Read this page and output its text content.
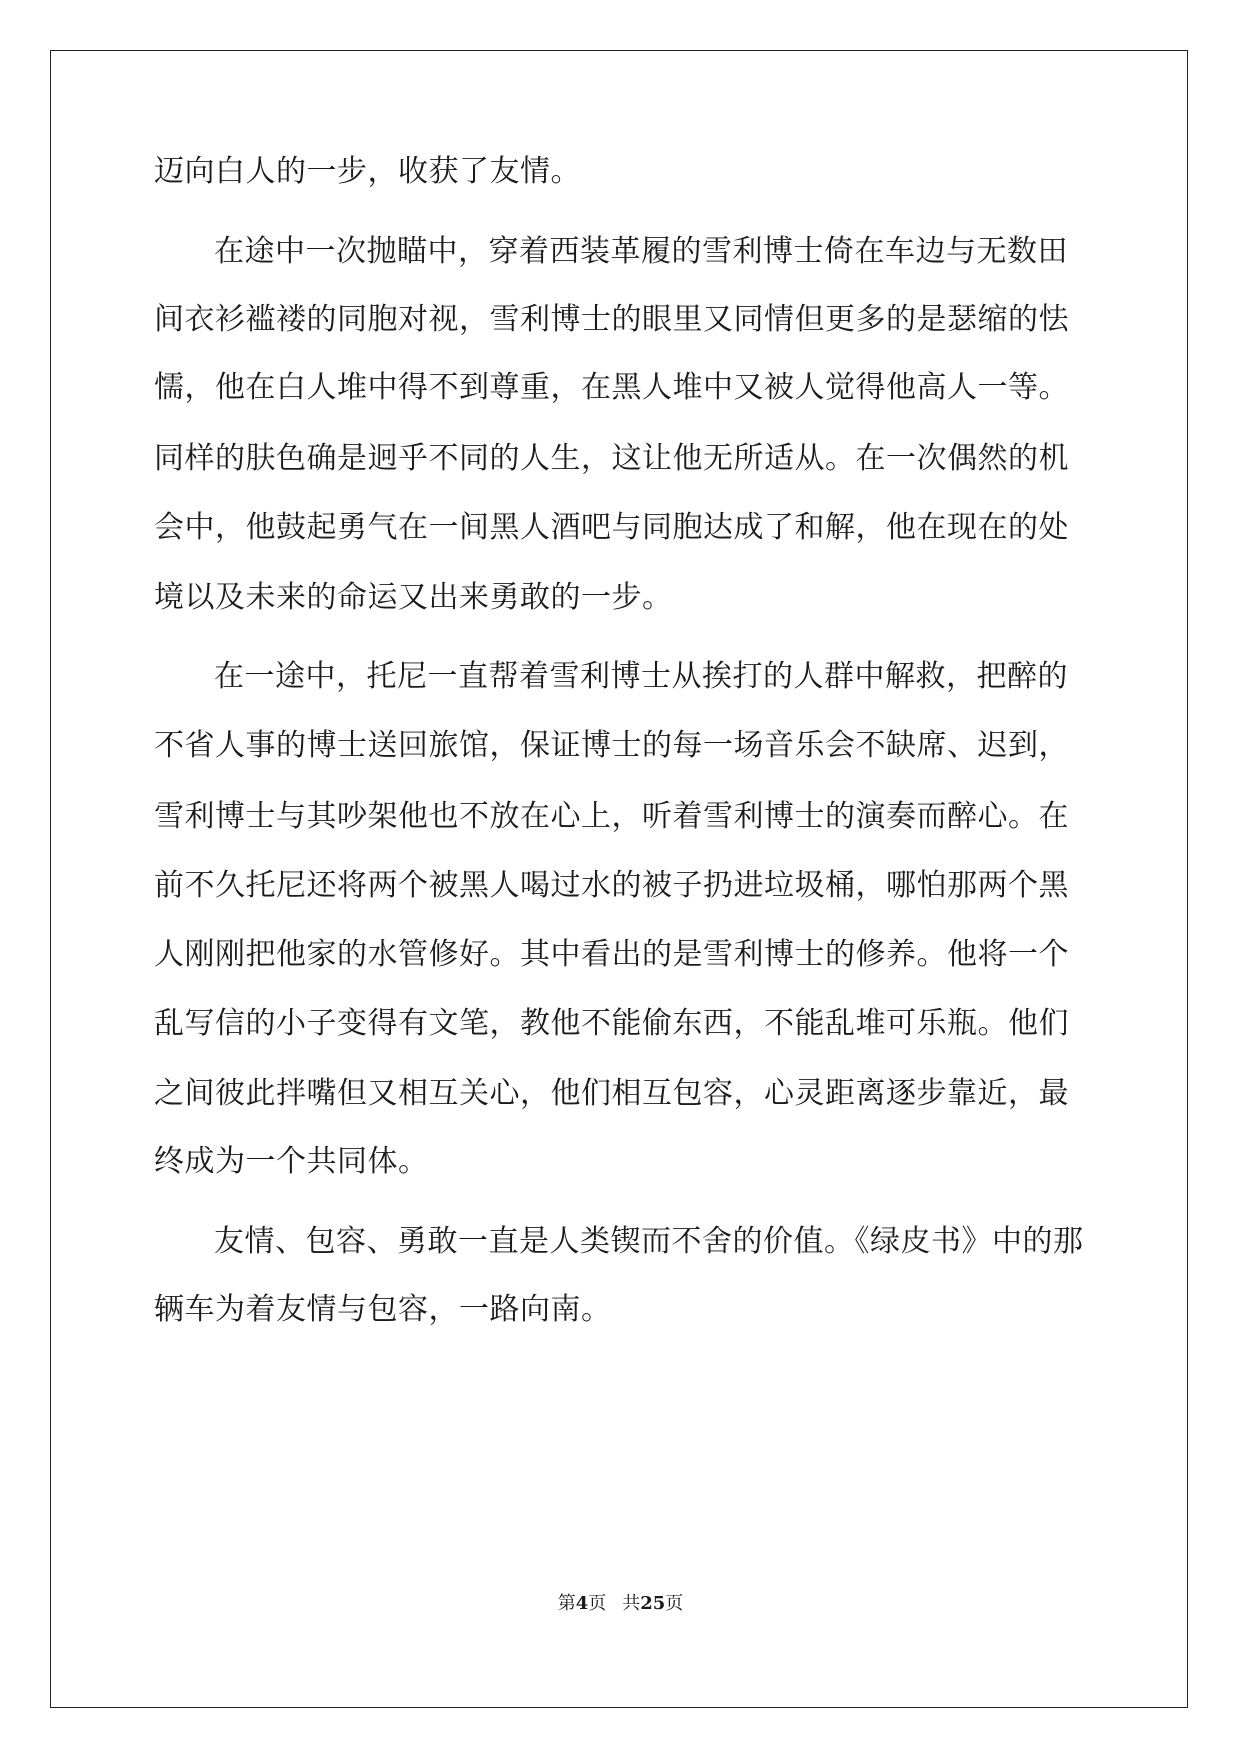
迈向白人的一步，收获了友情。
在途中一次抛瞄中，穿着西装革履的雪利博士倚在车边与无数田
间衣衫褴褛的同胞对视，雪利博士的眼里又同情但更多的是瑟缩的怯
懦，他在白人堆中得不到尊重，在黑人堆中又被人觉得他高人一等。
同样的肤色确是迥乎不同的人生，这让他无所适从。在一次偶然的机
会中，他鼓起勇气在一间黑人酒吧与同胞达成了和解，他在现在的处
境以及未来的命运又出来勇敢的一步。
在一途中，托尼一直帮着雪利博士从挨打的人群中解救，把醉的
不省人事的博士送回旅馆，保证博士的每一场音乐会不缺席、迟到，
雪利博士与其吵架他也不放在心上，听着雪利博士的演奏而醉心。在
前不久托尼还将两个被黑人喝过水的被子扔进垃圾桶，哪怕那两个黑
人刚刚把他家的水管修好。其中看出的是雪利博士的修养。他将一个
乱写信的小子变得有文笔，教他不能偷东西，不能乱堆可乐瓶。他们
之间彼此拌嘴但又相互关心，他们相互包容，心灵距离逐步靠近，最
终成为一个共同体。
友情、包容、勇敢一直是人类锲而不舍的价值。《绿皮书》中的那
辆车为着友情与包容，一路向南。
第4页 共25页
